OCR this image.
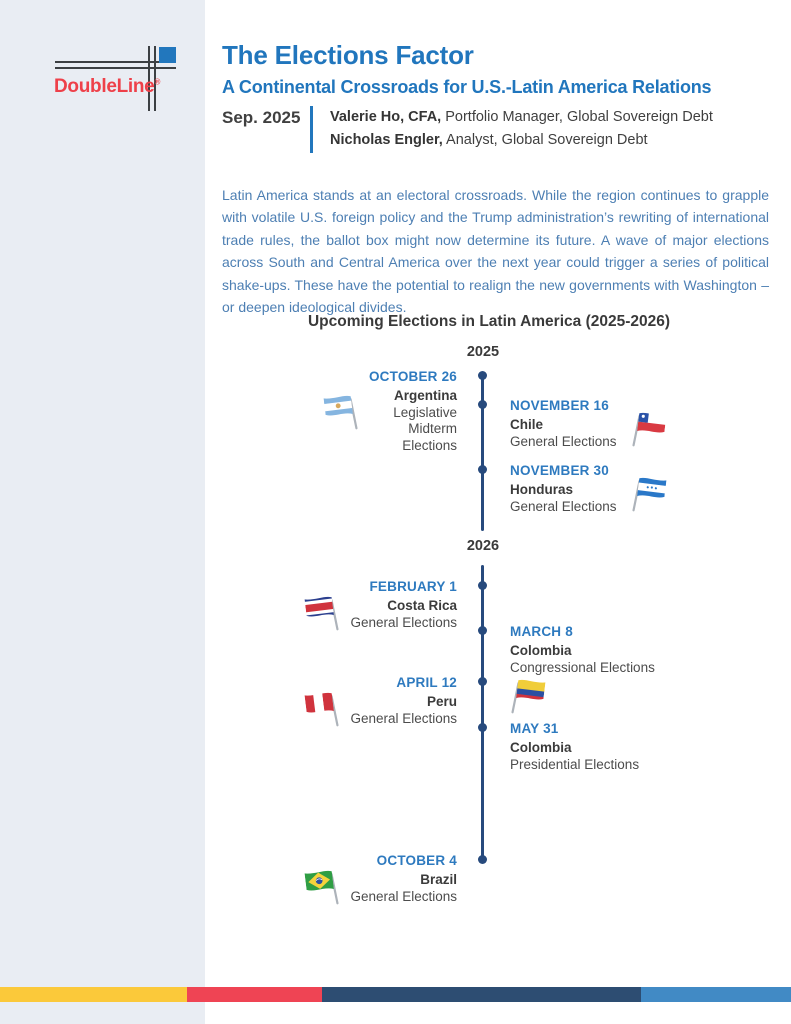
DoubleLine®
The Elections Factor
A Continental Crossroads for U.S.-Latin America Relations
Sep. 2025 Valerie Ho, CFA, Portfolio Manager, Global Sovereign Debt
Nicholas Engler, Analyst, Global Sovereign Debt
Latin America stands at an electoral crossroads. While the region continues to grapple with volatile U.S. foreign policy and the Trump administration’s rewriting of international trade rules, the ballot box might now determine its future. A wave of major elections across South and Central America over the next year could trigger a series of political shake-ups. These have the potential to realign the new governments with Washington – or deepen ideological divides.
Upcoming Elections in Latin America (2025-2026)
2025
2026
OCTOBER 26
Argentina
Legislative
Midterm
Elections
NOVEMBER 16
Chile
General Elections
NOVEMBER 30
Honduras
General Elections
FEBRUARY 1
Costa Rica
General Elections
MARCH 8
Colombia
Congressional Elections
APRIL 12
Peru
General Elections
MAY 31
Colombia
Presidential Elections
OCTOBER 4
Brazil
General Elections
